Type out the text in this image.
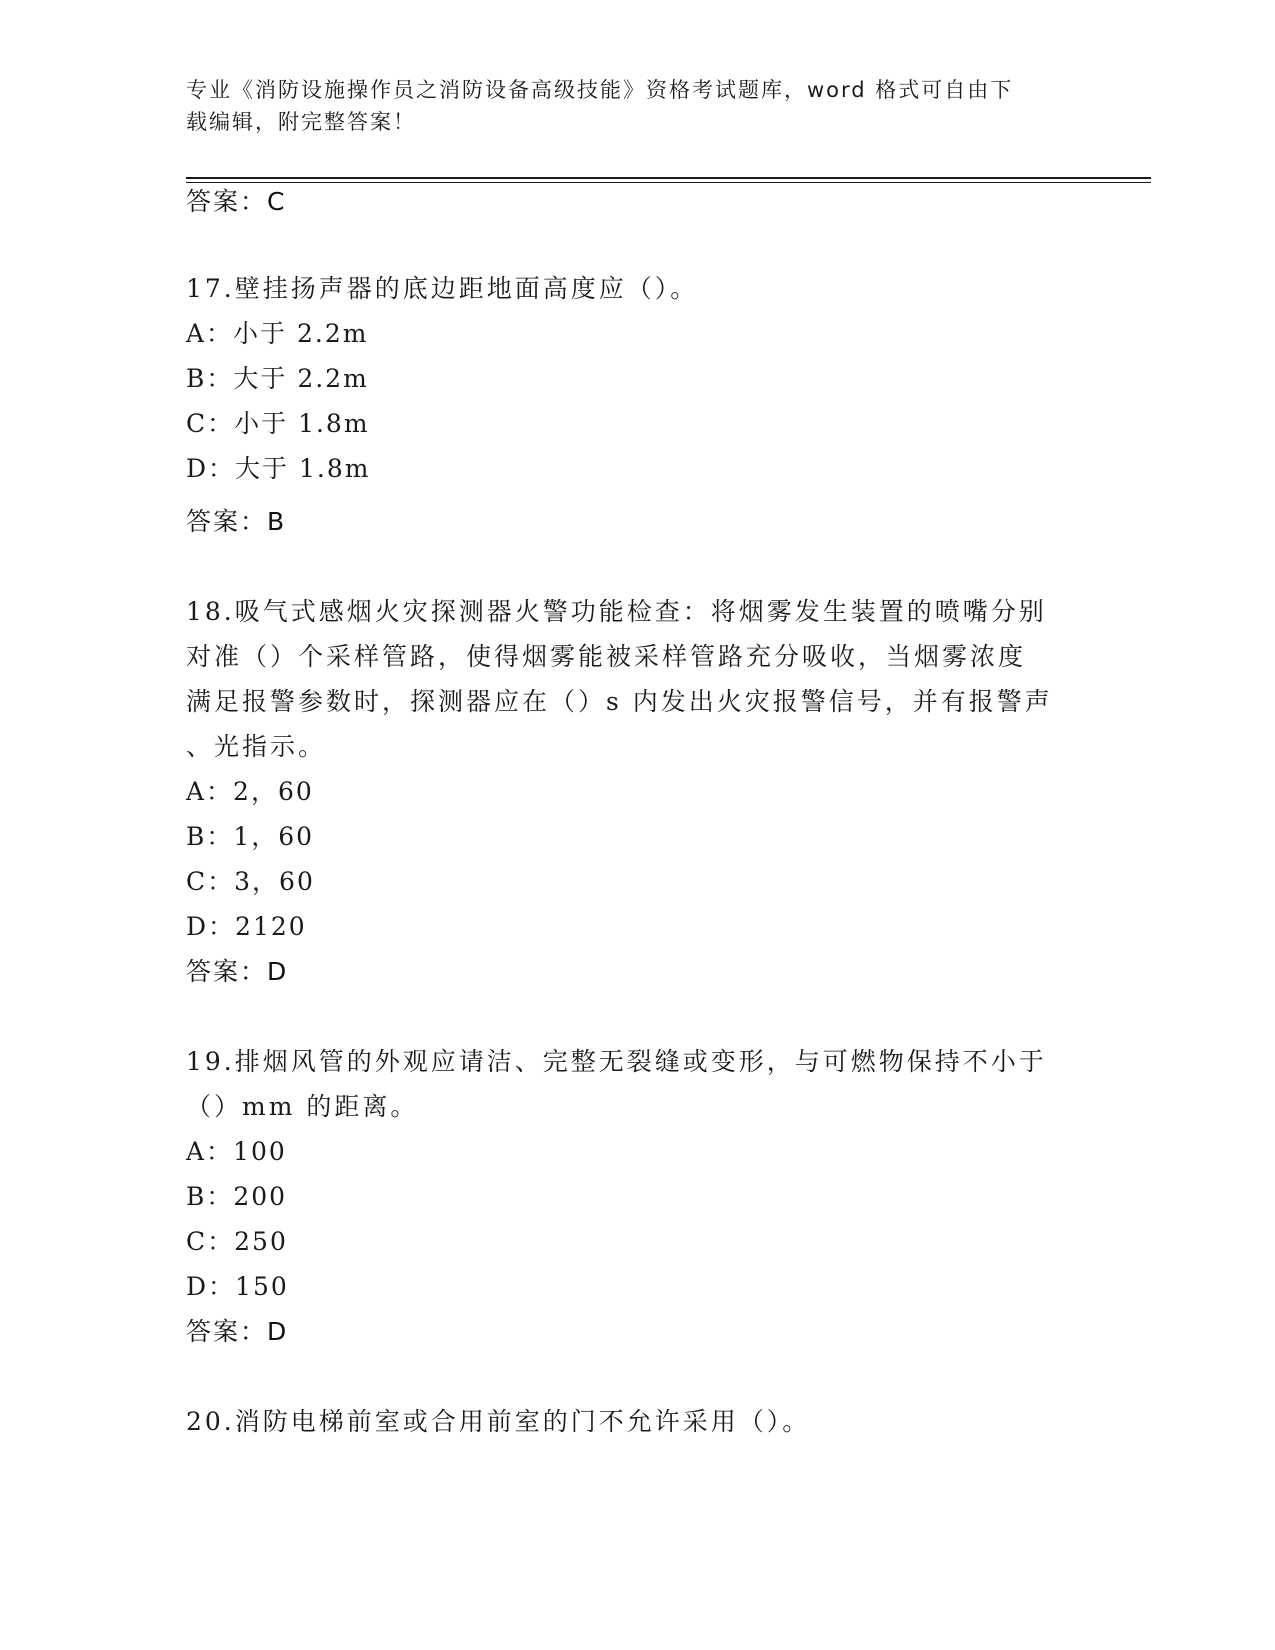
专业《消防设施操作员之消防设备高级技能》资格考试题库，word 格式可自由下
载编辑，附完整答案！
答案：C

17.壁挂扬声器的底边距地面高度应（）。

A：小于 2.2m

B：大于 2.2m

C：小于 1.8m

D：大于 1.8m

答案：B

18.吸气式感烟火灾探测器火警功能检查：将烟雾发生装置的喷嘴分别

对准（）个采样管路，使得烟雾能被采样管路充分吸收，当烟雾浓度

满足报警参数时，探测器应在（）s 内发出火灾报警信号，并有报警声

、光指示。

A：2，60

B：1，60

C：3，60

D：2120

答案：D

19.排烟风管的外观应请洁、完整无裂缝或变形，与可燃物保持不小于

（）mm 的距离。

A：100

B：200

C：250

D：150

答案：D

20.消防电梯前室或合用前室的门不允许采用（）。
